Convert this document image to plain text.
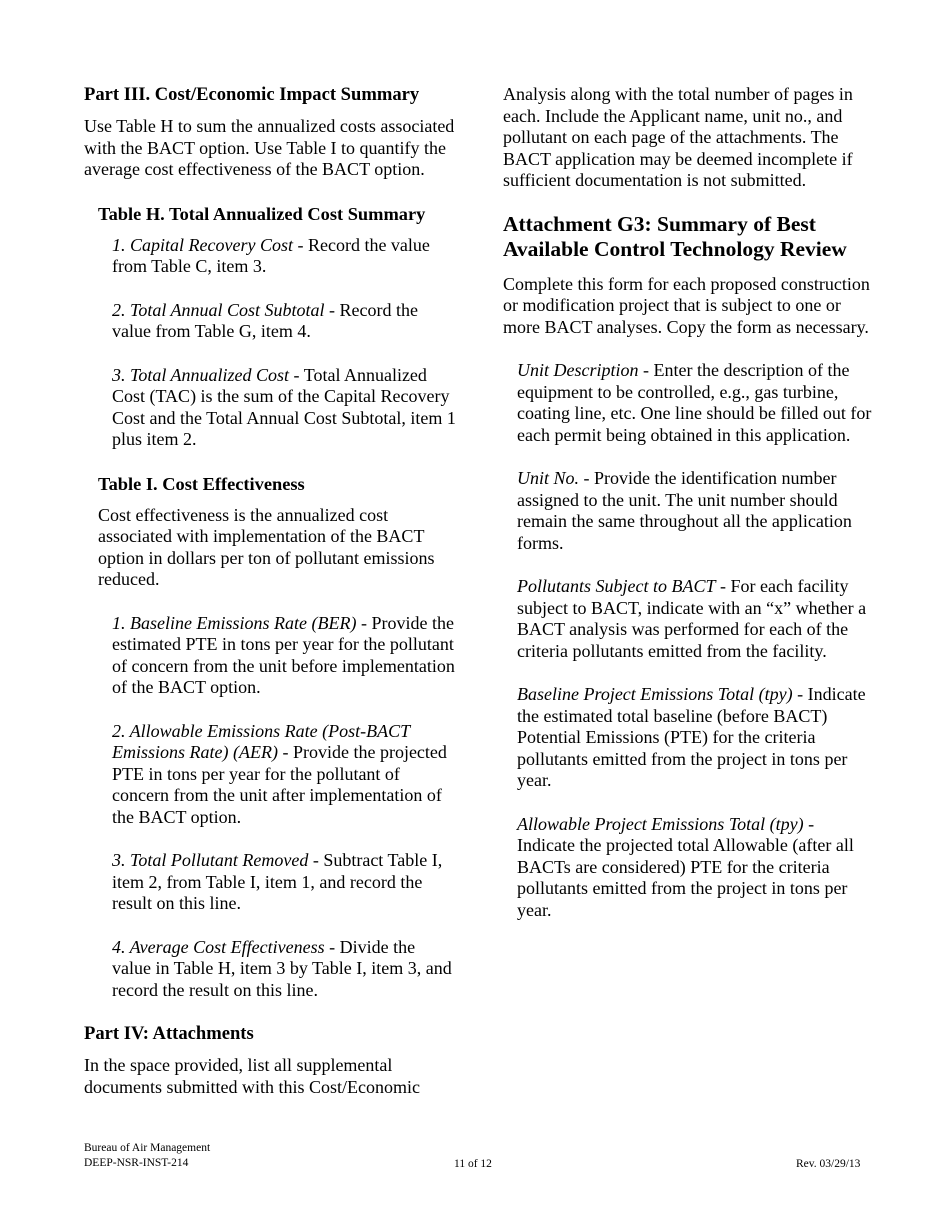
Part III. Cost/Economic Impact Summary

Use Table H to sum the annualized costs associated with the BACT option. Use Table I to quantify the average cost effectiveness of the BACT option.

Table H. Total Annualized Cost Summary

1. Capital Recovery Cost - Record the value from Table C, item 3.

2. Total Annual Cost Subtotal - Record the value from Table G, item 4.

3. Total Annualized Cost - Total Annualized Cost (TAC) is the sum of the Capital Recovery Cost and the Total Annual Cost Subtotal, item 1 plus item 2.

Table I. Cost Effectiveness

Cost effectiveness is the annualized cost associated with implementation of the BACT option in dollars per ton of pollutant emissions reduced.

1. Baseline Emissions Rate (BER) - Provide the estimated PTE in tons per year for the pollutant of concern from the unit before implementation of the BACT option.

2. Allowable Emissions Rate (Post-BACT Emissions Rate) (AER) - Provide the projected PTE in tons per year for the pollutant of concern from the unit after implementation of the BACT option.

3. Total Pollutant Removed - Subtract Table I, item 2, from Table I, item 1, and record the result on this line.

4. Average Cost Effectiveness - Divide the value in Table H, item 3 by Table I, item 3, and record the result on this line.

Part IV: Attachments

In the space provided, list all supplemental documents submitted with this Cost/Economic

Analysis along with the total number of pages in each. Include the Applicant name, unit no., and pollutant on each page of the attachments. The BACT application may be deemed incomplete if sufficient documentation is not submitted.

Attachment G3: Summary of Best Available Control Technology Review

Complete this form for each proposed construction or modification project that is subject to one or more BACT analyses. Copy the form as necessary.

Unit Description - Enter the description of the equipment to be controlled, e.g., gas turbine, coating line, etc. One line should be filled out for each permit being obtained in this application.

Unit No. - Provide the identification number assigned to the unit. The unit number should remain the same throughout all the application forms.

Pollutants Subject to BACT - For each facility subject to BACT, indicate with an “x” whether a BACT analysis was performed for each of the criteria pollutants emitted from the facility.

Baseline Project Emissions Total (tpy) - Indicate the estimated total baseline (before BACT) Potential Emissions (PTE) for the criteria pollutants emitted from the project in tons per year.

Allowable Project Emissions Total (tpy) - Indicate the projected total Allowable (after all BACTs are considered) PTE for the criteria pollutants emitted from the project in tons per year.

Bureau of Air Management
DEEP-NSR-INST-214	11 of 12	Rev. 03/29/13
